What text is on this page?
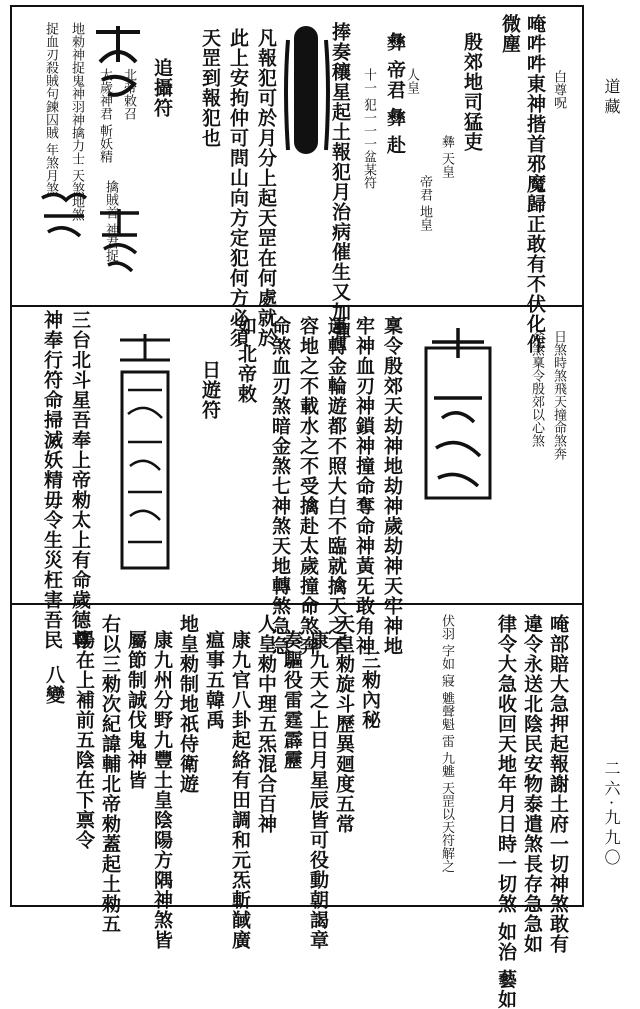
道藏
二六·九九〇
白尊呪
唵吽吽東神揩首邪魔歸正敢有不伏化作
微塵
殷郊地司猛吏
彝 天皇
帝君 地皇
人皇
彝 帝君 彝 赴
十一 犯一一一盆某符
捧奏穰星起土報犯月治病催生又加彈
凡報犯可於月分上起天罡在何處就於
此上安拘仲可問山向方定犯何方必須
天罡到報犯也
追攝符
擒賊首 神君捉
北帝敕召
太歲神君 斬妖精
地勑神捉鬼神羽神擒力士 天煞地煞
捉血刃殺賊句鍊囚賊 年煞月煞
日煞時煞飛天撞命煞奔
命煞稟令殷郊以心煞
稟令殷郊天劫神地劫神歲劫神天牢神地
牢神血刃神鎖神撞命奪命神黃旡敢角神
運轉金輪遊都不照大白不臨就擒天之不
容地之不載水之不受擒赴太歲撞命煞奔
命煞血刃煞暗金煞七神煞天地轉煞急急
如 北帝敕
日遊符
三台北斗星吾奉上帝勑太上有命歲德尊
神奉行符命掃滅妖精毋令生災枉害吾民
唵部賠大急押起報謝土府一切神煞敢有
違令永送北陰民安物泰遣煞長存急急如
律令大急收回天地年月日時一切煞 如治 藝如
伏羽 字如 寢 魋聲魁 雷 九魋 天罡以天符解之
三勑內秘
天皇勑旋斗歷異廻度五常
康九天之上日月星辰皆可役動朝謁章
奏驅役雷霆霹靂
人皇勑中理五炁混合百神
康九官八卦起絡有田調和元炁斬馘廣
瘟事五韓禹
地皇勑制地祇侍衛遊
康九州分野九豐土皇陰陽方隅神煞皆
屬節制誠伐鬼神皆
右以三勑次紀諱輔北帝勑蓋起土勑五
陽在上補前五陰在下禀令
八變
